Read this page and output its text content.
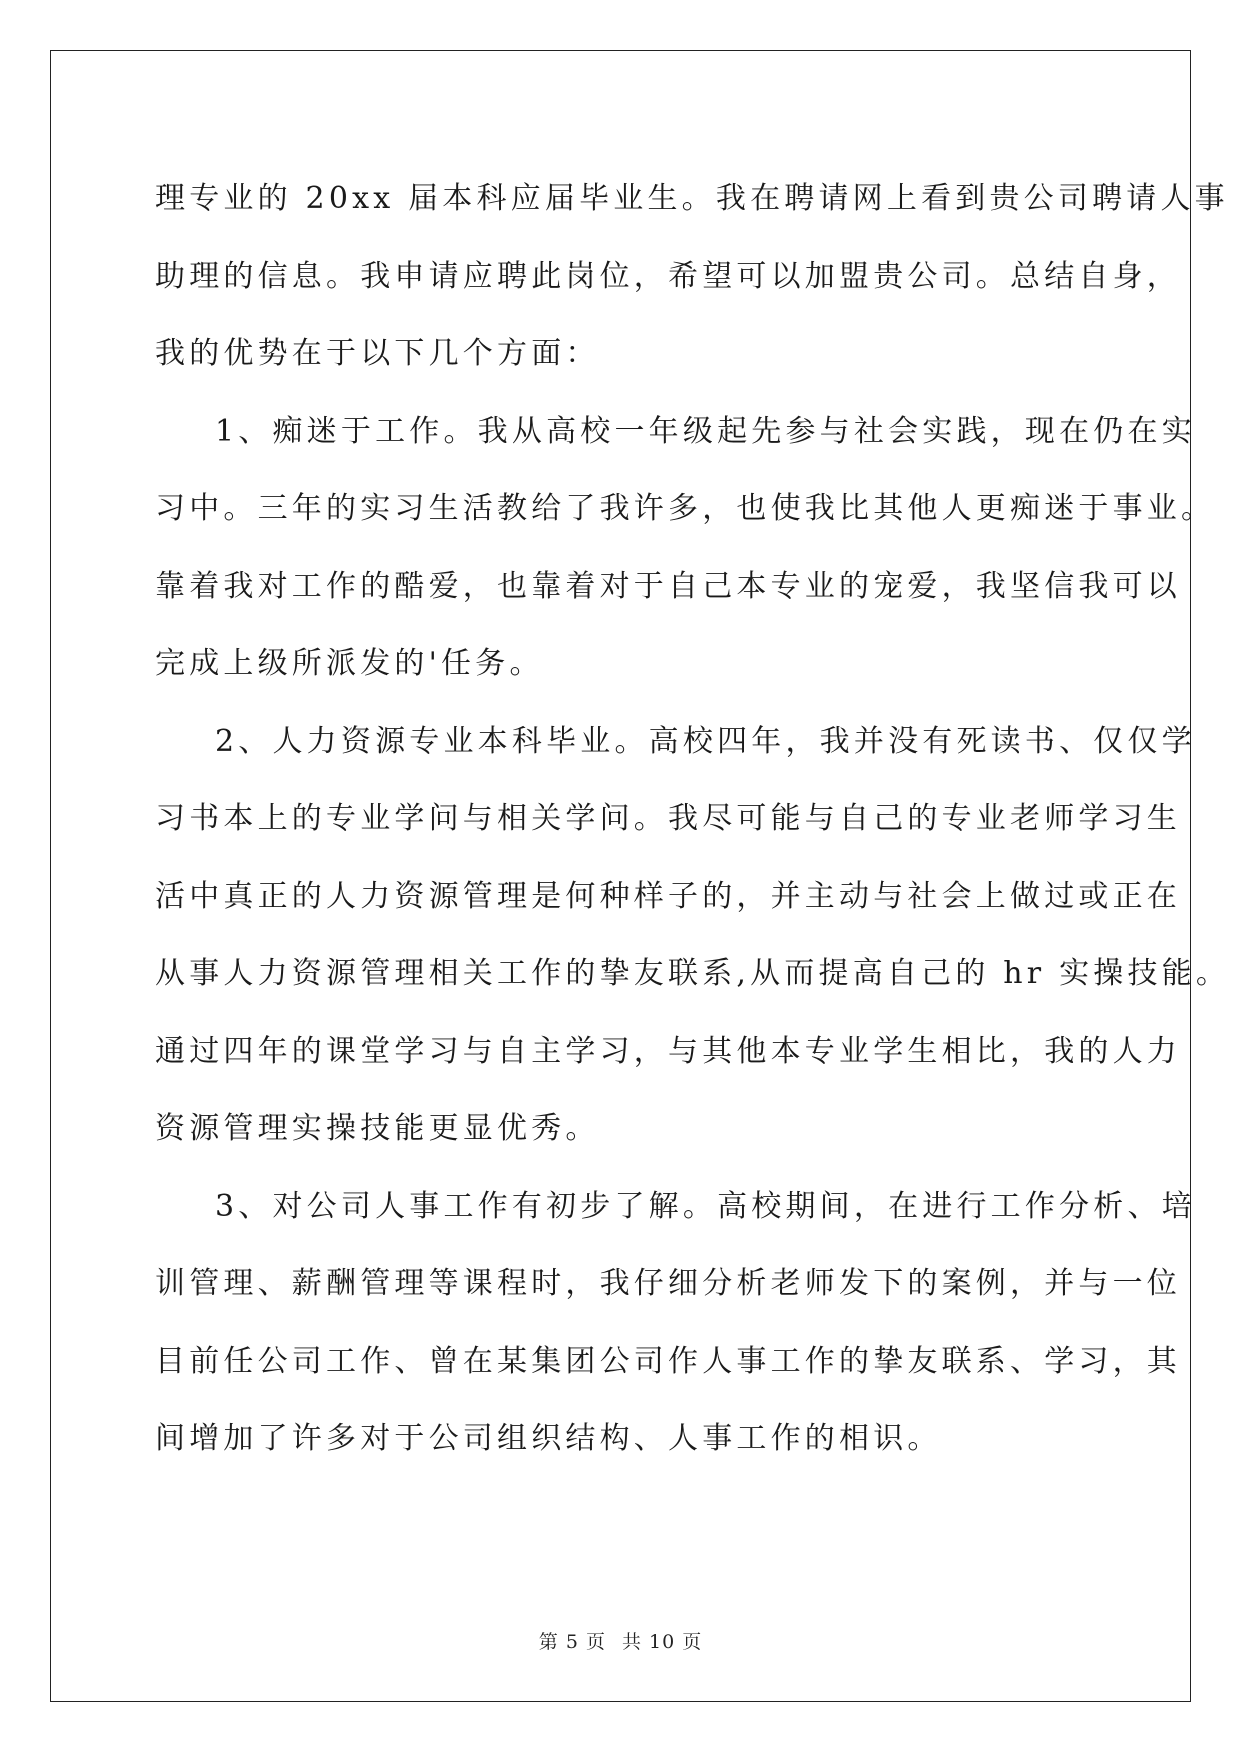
理专业的 20xx 届本科应届毕业生。我在聘请网上看到贵公司聘请人事
助理的信息。我申请应聘此岗位，希望可以加盟贵公司。总结自身，
我的优势在于以下几个方面：

1、痴迷于工作。我从高校一年级起先参与社会实践，现在仍在实
习中。三年的实习生活教给了我许多，也使我比其他人更痴迷于事业。
靠着我对工作的酷爱，也靠着对于自己本专业的宠爱，我坚信我可以
完成上级所派发的'任务。

2、人力资源专业本科毕业。高校四年，我并没有死读书、仅仅学
习书本上的专业学问与相关学问。我尽可能与自己的专业老师学习生
活中真正的人力资源管理是何种样子的，并主动与社会上做过或正在
从事人力资源管理相关工作的挚友联系,从而提高自己的 hr 实操技能。
通过四年的课堂学习与自主学习，与其他本专业学生相比，我的人力
资源管理实操技能更显优秀。

3、对公司人事工作有初步了解。高校期间，在进行工作分析、培
训管理、薪酬管理等课程时，我仔细分析老师发下的案例，并与一位
目前任公司工作、曾在某集团公司作人事工作的挚友联系、学习，其
间增加了许多对于公司组织结构、人事工作的相识。

第 5 页 共 10 页
